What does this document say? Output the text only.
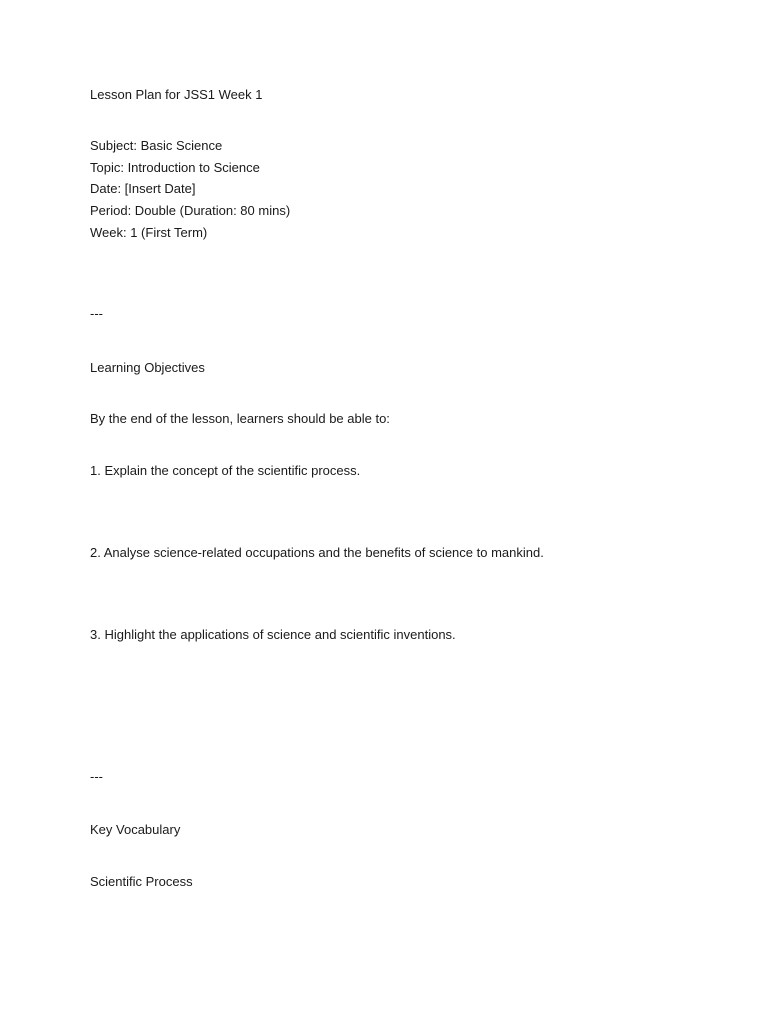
Lesson Plan for JSS1 Week 1
Subject: Basic Science
Topic: Introduction to Science
Date: [Insert Date]
Period: Double (Duration: 80 mins)
Week: 1 (First Term)
---
Learning Objectives
By the end of the lesson, learners should be able to:
1. Explain the concept of the scientific process.
2. Analyse science-related occupations and the benefits of science to mankind.
3. Highlight the applications of science and scientific inventions.
---
Key Vocabulary
Scientific Process
